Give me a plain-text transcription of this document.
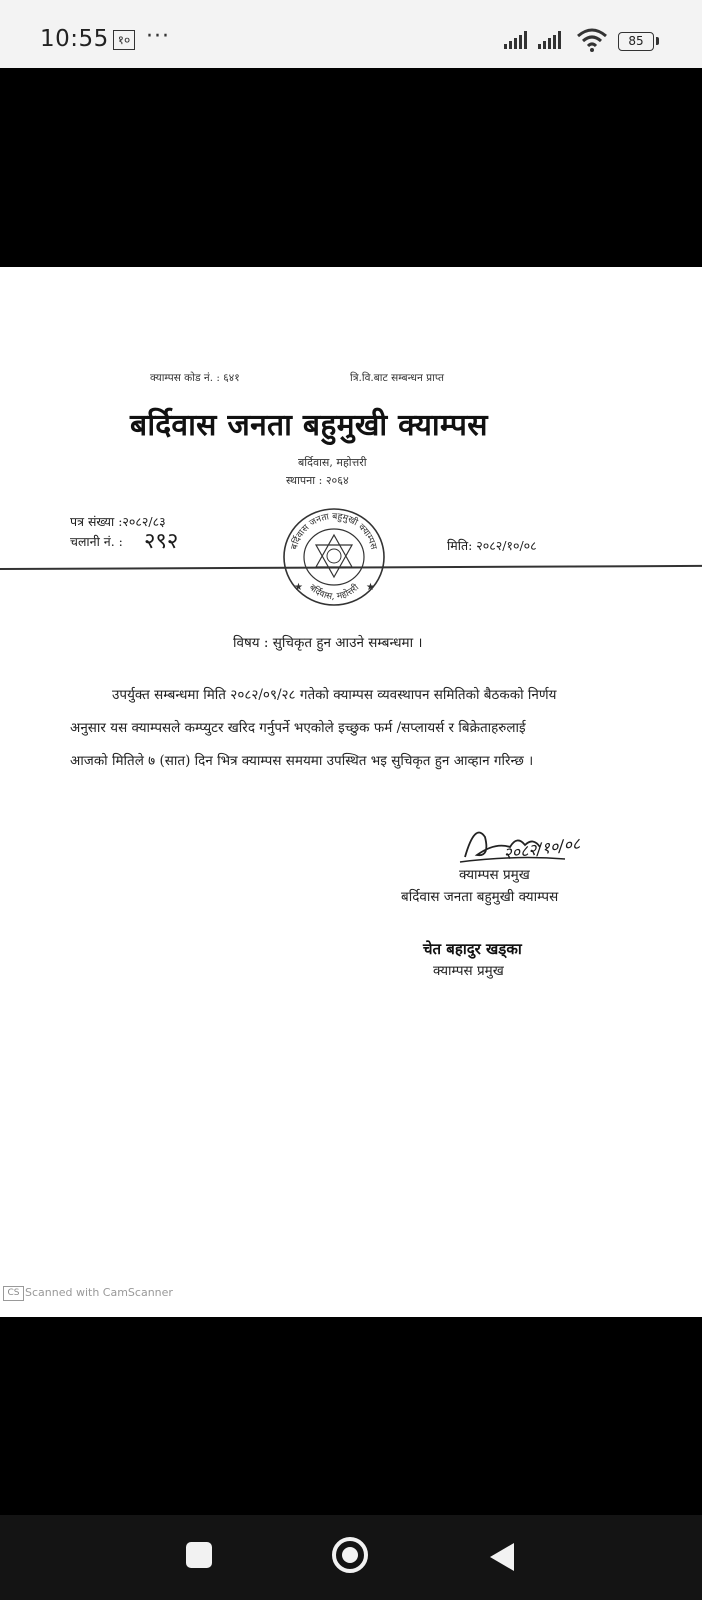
10:55 १० ···	85
क्याम्पस कोड नं. : ६४१	त्रि.वि.बाट सम्बन्धन प्राप्त
बर्दिवास जनता बहुमुखी क्याम्पस
बर्दिवास, महोत्तरी
स्थापना : २०६४
पत्र संख्या :२०८२/८३
चलानी नं. : २९२	मिति: २०८२/१०/०८
बर्दिवास जनता बहुमुखी क्याम्पस
बर्दिवास, महोत्तरी
★	★
विषय : सुचिकृत हुन आउने सम्बन्धमा ।
उपर्युक्त सम्बन्धमा मिति २०८२/०९/२८ गतेको क्याम्पस व्यवस्थापन समितिको बैठकको निर्णय
अनुसार यस क्याम्पसले कम्प्युटर खरिद गर्नुपर्ने भएकोले इच्छुक फर्म /सप्लायर्स र बिक्रेताहरुलाई
आजको मितिले ७ (सात) दिन भित्र क्याम्पस समयमा उपस्थित भइ सुचिकृत हुन आव्हान गरिन्छ ।
२०८२/१०/०८
क्याम्पस प्रमुख
बर्दिवास जनता बहुमुखी क्याम्पस
चेत बहादुर खड्का
क्याम्पस प्रमुख
CS Scanned with CamScanner
